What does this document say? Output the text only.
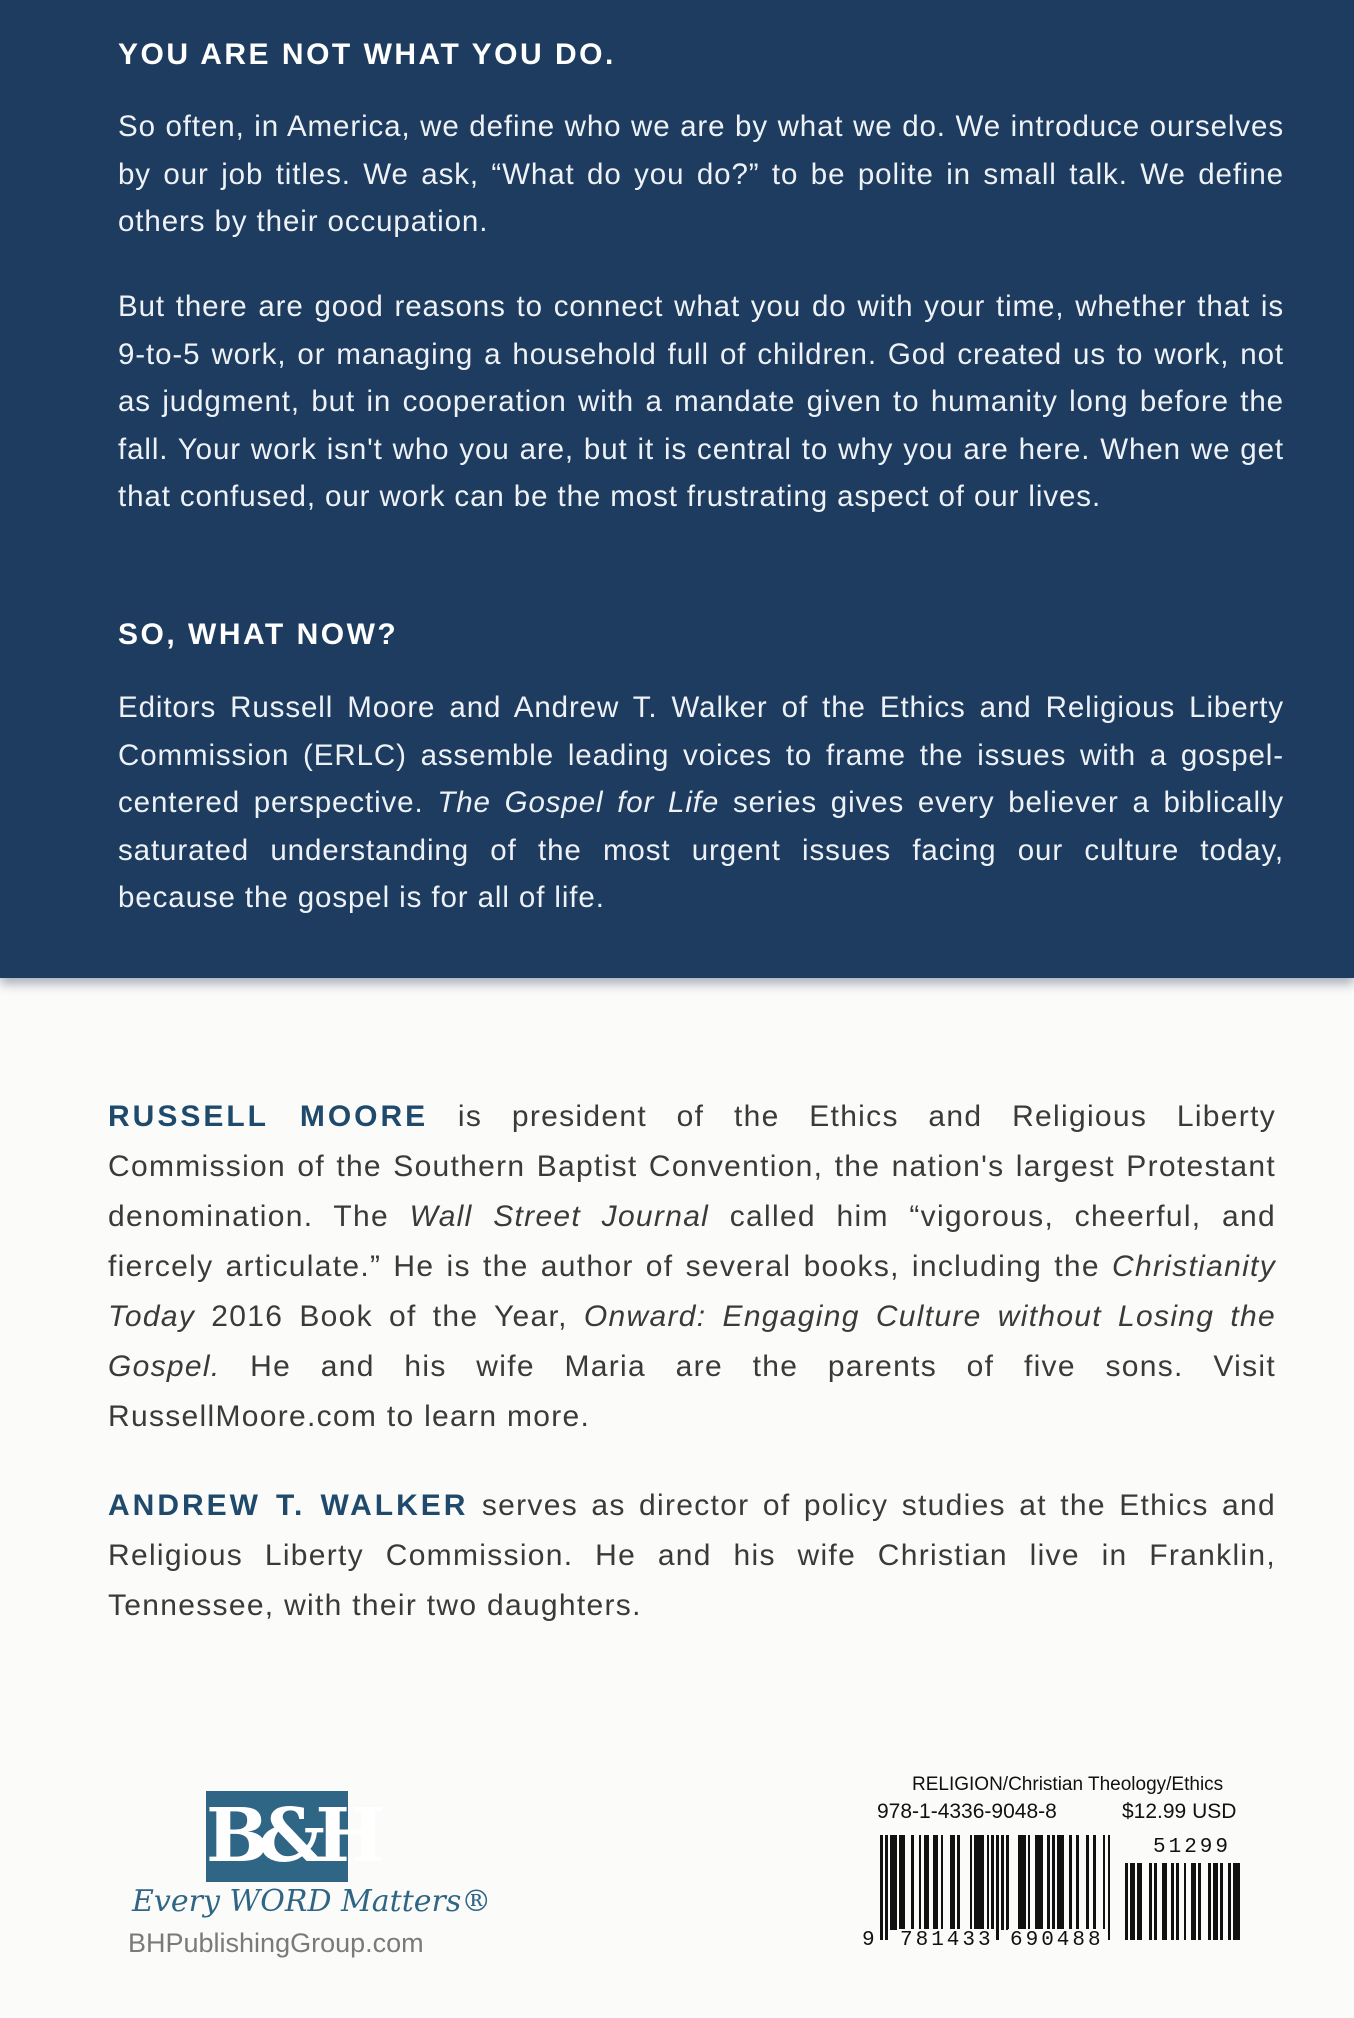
YOU ARE NOT WHAT YOU DO.

So often, in America, we define who we are by what we do. We introduce ourselves by our job titles. We ask, “What do you do?” to be polite in small talk. We define others by their occupation.

But there are good reasons to connect what you do with your time, whether that is 9-to-5 work, or managing a household full of children. God created us to work, not as judgment, but in cooperation with a mandate given to humanity long before the fall. Your work isn't who you are, but it is central to why you are here. When we get that confused, our work can be the most frustrating aspect of our lives.

SO, WHAT NOW?

Editors Russell Moore and Andrew T. Walker of the Ethics and Religious Liberty Commission (ERLC) assemble leading voices to frame the issues with a gospel-centered perspective. The Gospel for Life series gives every believer a biblically saturated understanding of the most urgent issues facing our culture today, because the gospel is for all of life.

RUSSELL MOORE is president of the Ethics and Religious Liberty Commission of the Southern Baptist Convention, the nation's largest Protestant denomination. The Wall Street Journal called him “vigorous, cheerful, and fiercely articulate.” He is the author of several books, including the Christianity Today 2016 Book of the Year, Onward: Engaging Culture without Losing the Gospel. He and his wife Maria are the parents of five sons. Visit RussellMoore.com to learn more.

ANDREW T. WALKER serves as director of policy studies at the Ethics and Religious Liberty Commission. He and his wife Christian live in Franklin, Tennessee, with their two daughters.

B&H
Every WORD Matters®
BHPublishingGroup.com
RELIGION/Christian Theology/Ethics
978-1-4336-9048-8	$12.99 USD
51299
9 781433 690488
